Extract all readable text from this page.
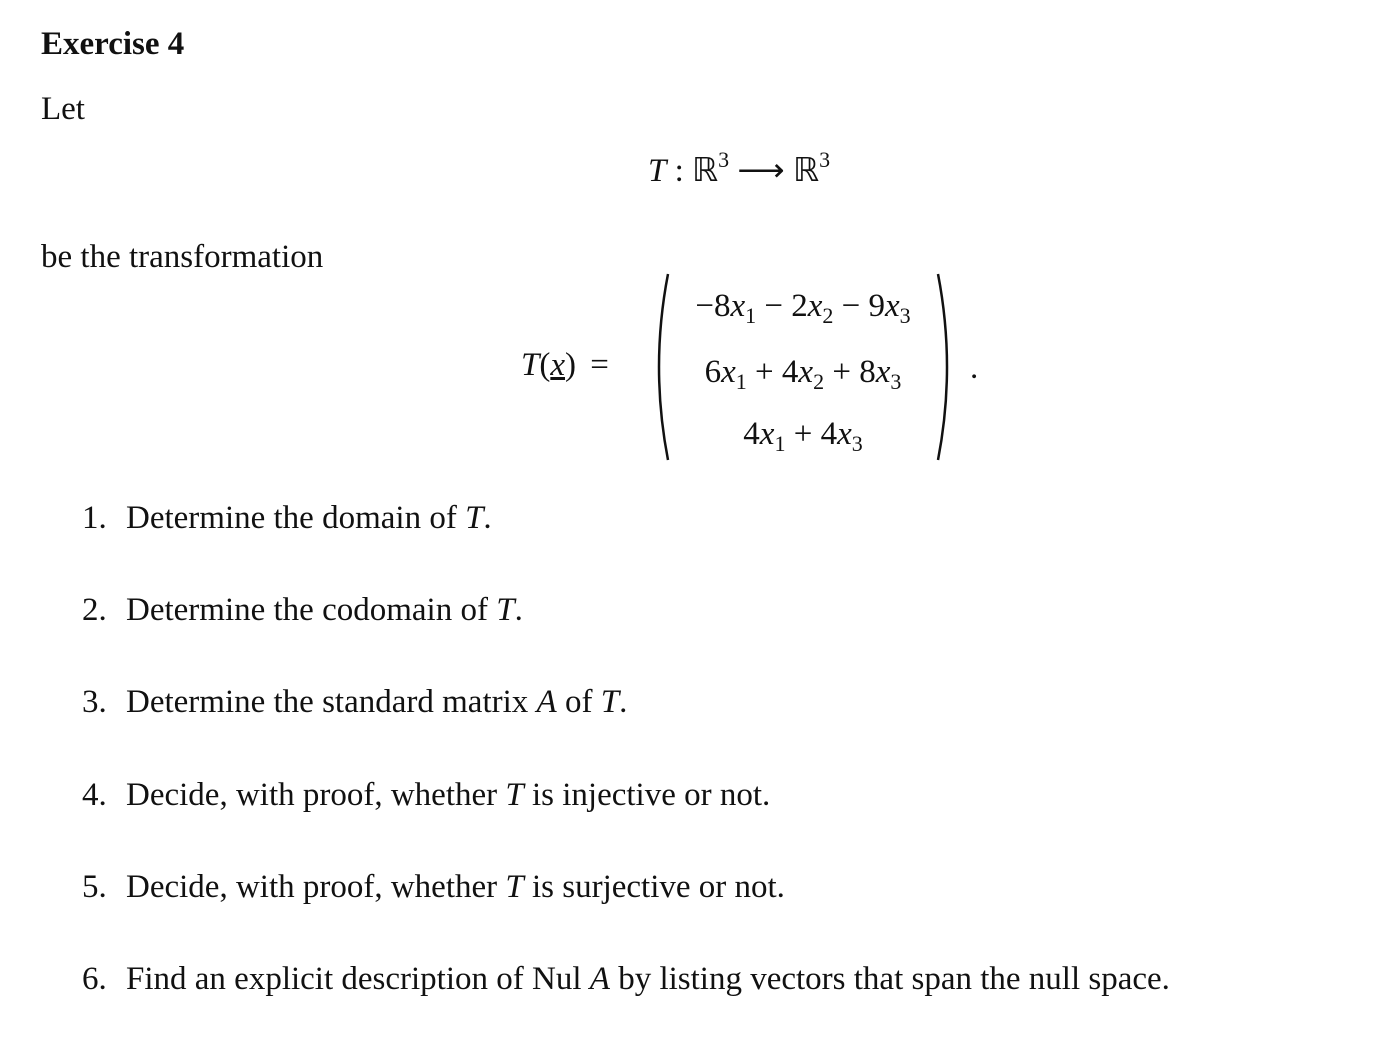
Exercise 4
Let
T : ℝ$^3$ ⟶ ℝ$^3$
be the transformation
T(x) =
$-8x_1 - 2x_2 - 9x_3$
$6x_1 + 4x_2 + 8x_3$
$4x_1 + 4x_3$
.
1. Determine the domain of T.
2. Determine the codomain of T.
3. Determine the standard matrix A of T.
4. Decide, with proof, whether T is injective or not.
5. Decide, with proof, whether T is surjective or not.
6. Find an explicit description of Nul A by listing vectors that span the null space.
